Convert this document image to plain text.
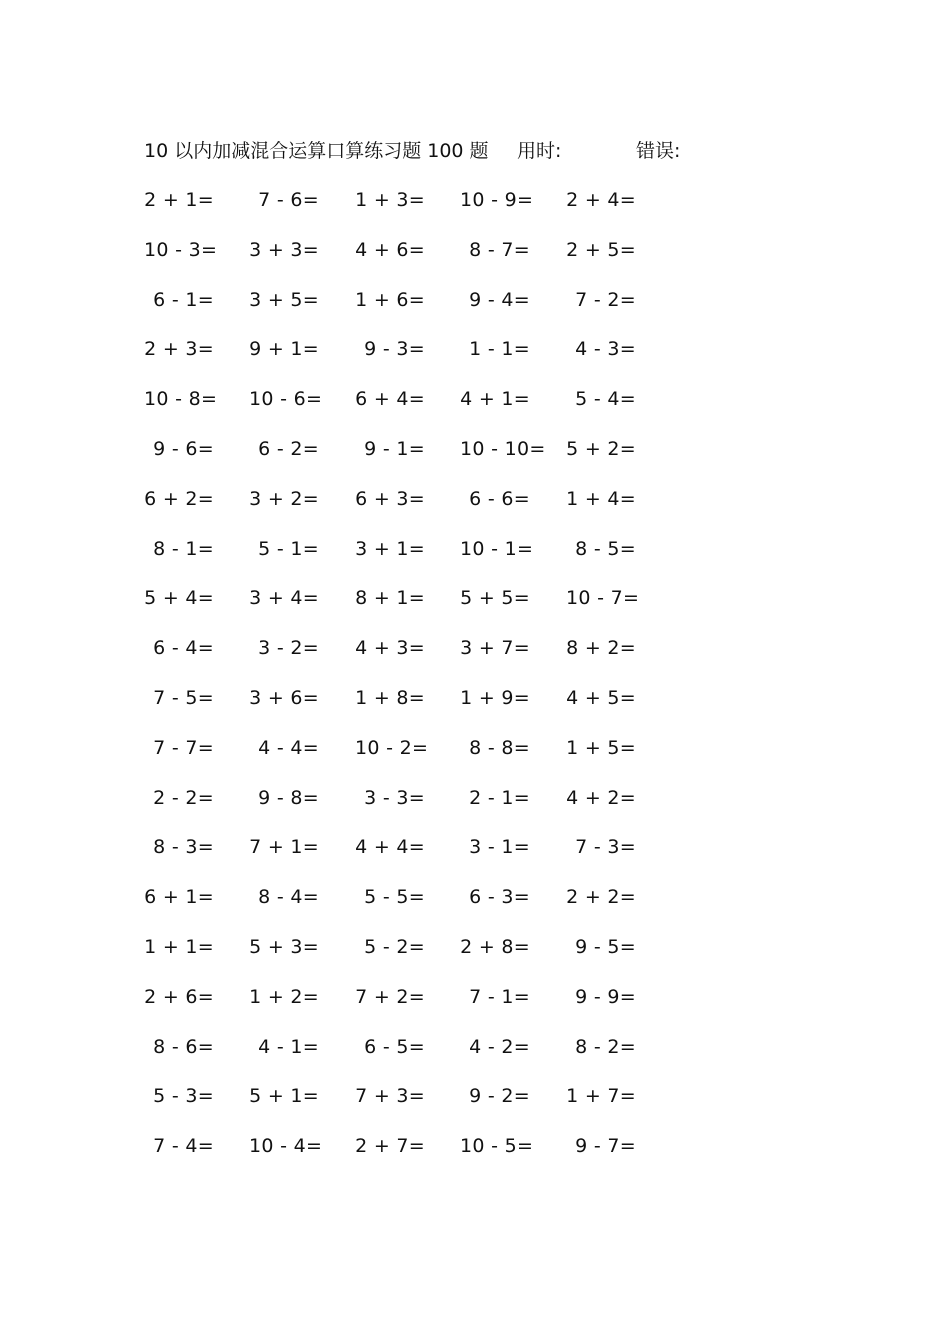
10 以内加减混合运算口算练习题 100 题 用时:	错误:
2 + 1= 7 - 6= 1 + 3= 10 - 9= 2 + 4=
10 - 3= 3 + 3= 4 + 6= 8 - 7= 2 + 5=
6 - 1= 3 + 5= 1 + 6= 9 - 4= 7 - 2=
2 + 3= 9 + 1= 9 - 3= 1 - 1= 4 - 3=
10 - 8= 10 - 6= 6 + 4= 4 + 1= 5 - 4=
9 - 6= 6 - 2= 9 - 1= 10 - 10= 5 + 2=
6 + 2= 3 + 2= 6 + 3= 6 - 6= 1 + 4=
8 - 1= 5 - 1= 3 + 1= 10 - 1= 8 - 5=
5 + 4= 3 + 4= 8 + 1= 5 + 5= 10 - 7=
6 - 4= 3 - 2= 4 + 3= 3 + 7= 8 + 2=
7 - 5= 3 + 6= 1 + 8= 1 + 9= 4 + 5=
7 - 7= 4 - 4= 10 - 2= 8 - 8= 1 + 5=
2 - 2= 9 - 8= 3 - 3= 2 - 1= 4 + 2=
8 - 3= 7 + 1= 4 + 4= 3 - 1= 7 - 3=
6 + 1= 8 - 4= 5 - 5= 6 - 3= 2 + 2=
1 + 1= 5 + 3= 5 - 2= 2 + 8= 9 - 5=
2 + 6= 1 + 2= 7 + 2= 7 - 1= 9 - 9=
8 - 6= 4 - 1= 6 - 5= 4 - 2= 8 - 2=
5 - 3= 5 + 1= 7 + 3= 9 - 2= 1 + 7=
7 - 4= 10 - 4= 2 + 7= 10 - 5= 9 - 7=
